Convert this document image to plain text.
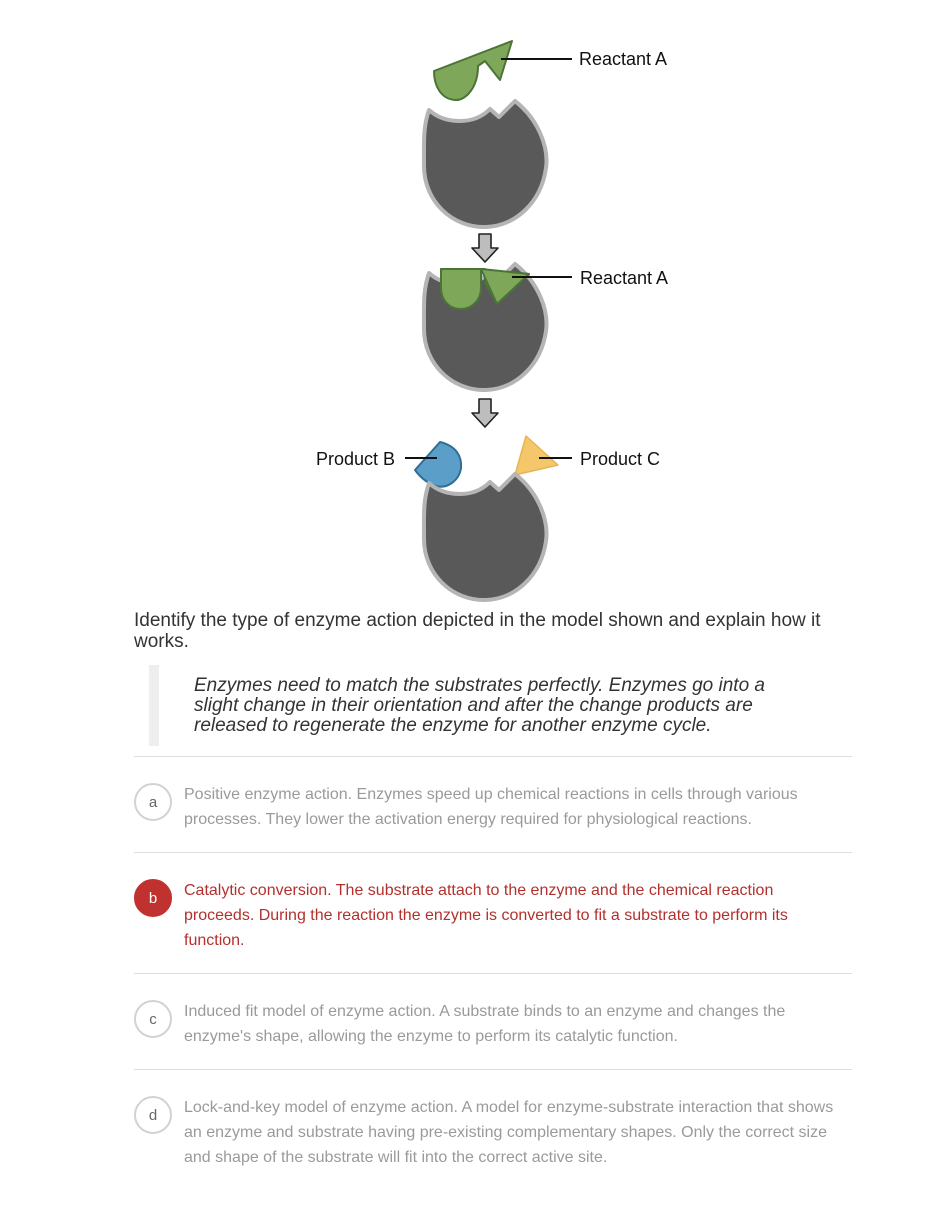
Reactant A
Reactant A
Product B	Product C

Identify the type of enzyme action depicted in the model shown and explain how it works.

Enzymes need to match the substrates perfectly. Enzymes go into a slight change in their orientation and after the change products are released to regenerate the enzyme for another enzyme cycle.

a	Positive enzyme action. Enzymes speed up chemical reactions in cells through various processes. They lower the activation energy required for physiological reactions.

b	Catalytic conversion. The substrate attach to the enzyme and the chemical reaction proceeds. During the reaction the enzyme is converted to fit a substrate to perform its function.

c	Induced fit model of enzyme action. A substrate binds to an enzyme and changes the enzyme's shape, allowing the enzyme to perform its catalytic function.

d	Lock-and-key model of enzyme action. A model for enzyme-substrate interaction that shows an enzyme and substrate having pre-existing complementary shapes. Only the correct size and shape of the substrate will fit into the correct active site.
